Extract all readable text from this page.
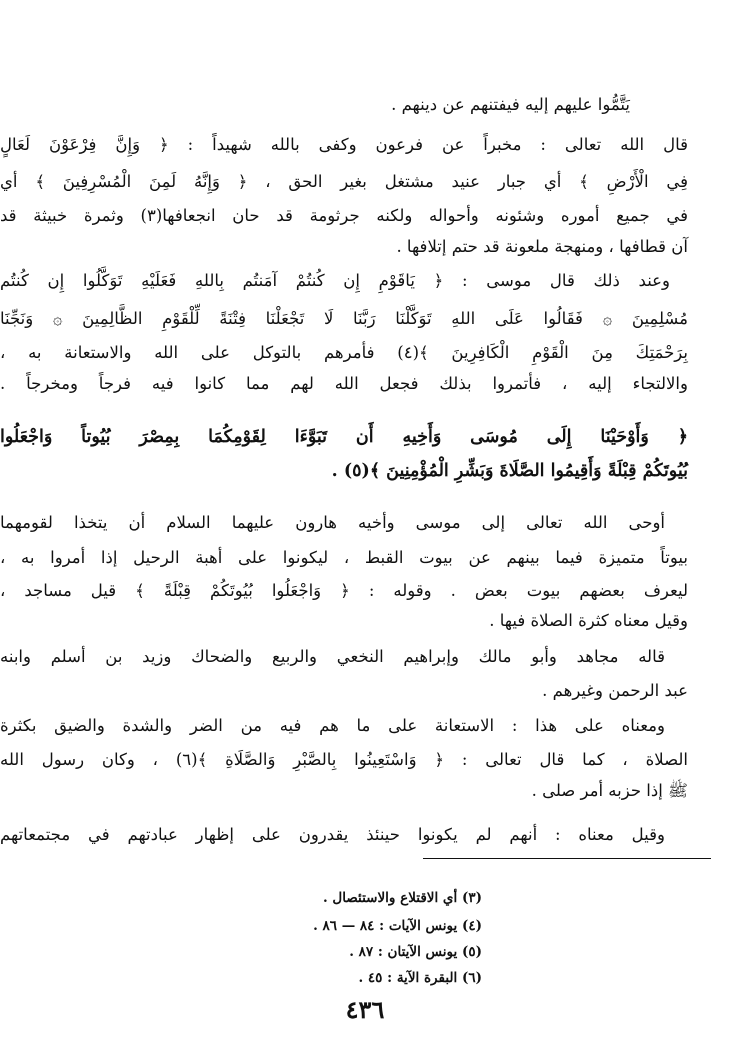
يَتَّمُّوا عليهم إليه فيفتنهم عن دينهم .

قال الله تعالى : مخبراً عن فرعون وكفى بالله شهيداً : ﴿ وَإِنَّ فِرْعَوْنَ لَعَالٍ

فِي الْأَرْضِ ﴾ أي جبار عنيد مشتغل بغير الحق ، ﴿ وَإِنَّهُ لَمِنَ الْمُسْرِفِينَ ﴾ أي

في جميع أموره وشئونه وأحواله ولكنه جرثومة قد حان انجعافها(٣) وثمرة خبيثة قد

آن قطافها ، ومنهجة ملعونة قد حتم إتلافها .

وعند ذلك قال موسى : ﴿ يَاقَوْمِ إِن كُنتُمْ آمَنتُم بِاللهِ فَعَلَيْهِ تَوَكَّلُوا إِن كُنتُم

مُسْلِمِينَ ۞ فَقَالُوا عَلَى اللهِ تَوَكَّلْنَا رَبَّنَا لَا تَجْعَلْنَا فِتْنَةً لِّلْقَوْمِ الظَّالِمِينَ ۞ وَنَجِّنَا

بِرَحْمَتِكَ مِنَ الْقَوْمِ الْكَافِرِينَ ﴾(٤) فأمرهم بالتوكل على الله والاستعانة به ،

والالتجاء إليه ، فأتمروا بذلك فجعل الله لهم مما كانوا فيه فرجاً ومخرجاً .

﴿ وَأَوْحَيْنَا إِلَى مُوسَى وَأَخِيهِ أَن تَبَوَّءَا لِقَوْمِكُمَا بِمِصْرَ بُيُوتاً وَاجْعَلُوا

بُيُوتَكُمْ قِبْلَةً وَأَقِيمُوا الصَّلَاةَ وَبَشِّرِ الْمُؤْمِنِينَ ﴾(٥) .

أوحى الله تعالى إلى موسى وأخيه هارون عليهما السلام أن يتخذا لقومهما

بيوتاً متميزة فيما بينهم عن بيوت القبط ، ليكونوا على أهبة الرحيل إذا أمروا به ،

ليعرف بعضهم بيوت بعض . وقوله : ﴿ وَاجْعَلُوا بُيُوتَكُمْ قِبْلَةً ﴾ قيل مساجد ،

وقيل معناه كثرة الصلاة فيها .

قاله مجاهد وأبو مالك وإبراهيم النخعي والربيع والضحاك وزيد بن أسلم وابنه

عبد الرحمن وغيرهم .

ومعناه على هذا : الاستعانة على ما هم فيه من الضر والشدة والضيق بكثرة

الصلاة ، كما قال تعالى : ﴿ وَاسْتَعِينُوا بِالصَّبْرِ وَالصَّلَاةِ ﴾(٦) ، وكان رسول الله

ﷺ إذا حزبه أمر صلى .

وقيل معناه : أنهم لم يكونوا حينئذ يقدرون على إظهار عبادتهم في مجتمعاتهم

(٣) أي الاقتلاع والاستئصال .

(٤) يونس الآيات : ٨٤ — ٨٦ .

(٥) يونس الآيتان : ٨٧ .

(٦) البقرة الآية : ٤٥ .

٤٣٦
